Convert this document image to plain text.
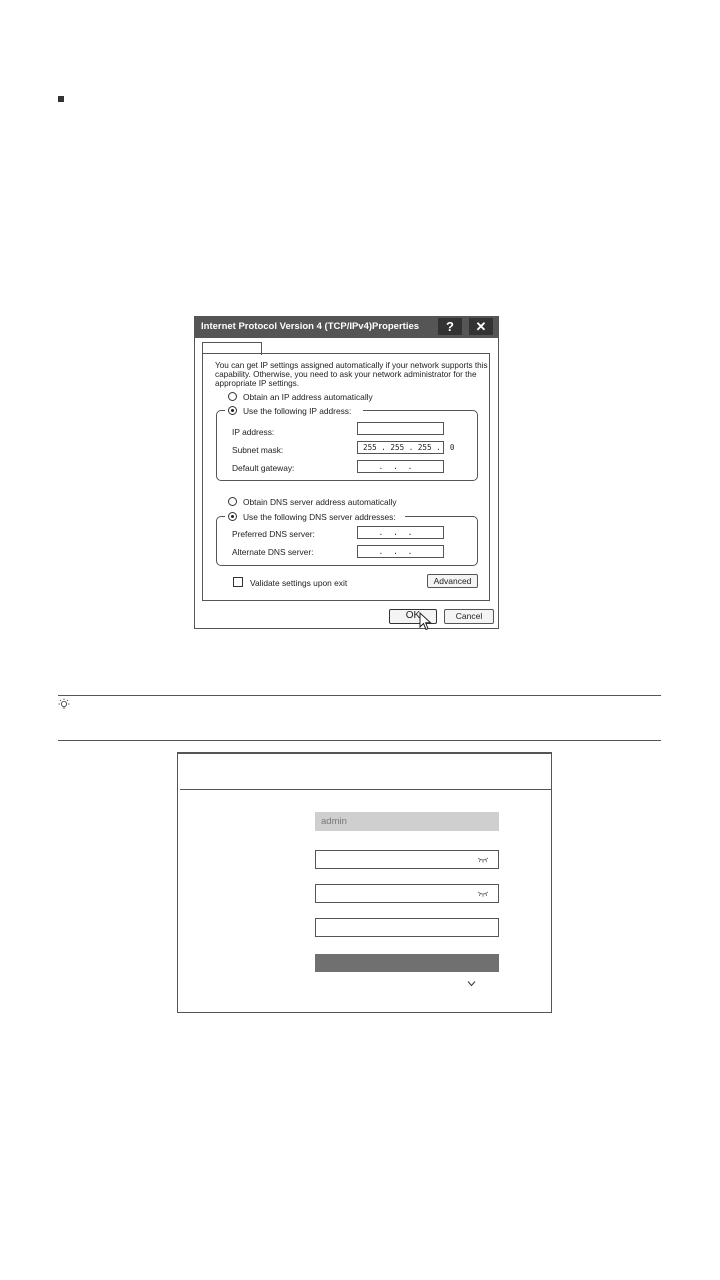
Internet Protocol Version 4 (TCP/IPv4)Properties	?	✕
You can get IP settings assigned automatically if your network supports this capability. Otherwise, you need to ask your network administrator for the appropriate IP settings.
Obtain an IP address automatically
Use the following IP address:
IP address:
Subnet mask:	255 . 255 . 255 .  0
Default gateway:	...
Obtain DNS server address automatically
Use the following DNS server addresses:
Preferred DNS server:	...
Alternate DNS server:	...
Validate settings upon exit	Advanced
OK	Cancel
admin
